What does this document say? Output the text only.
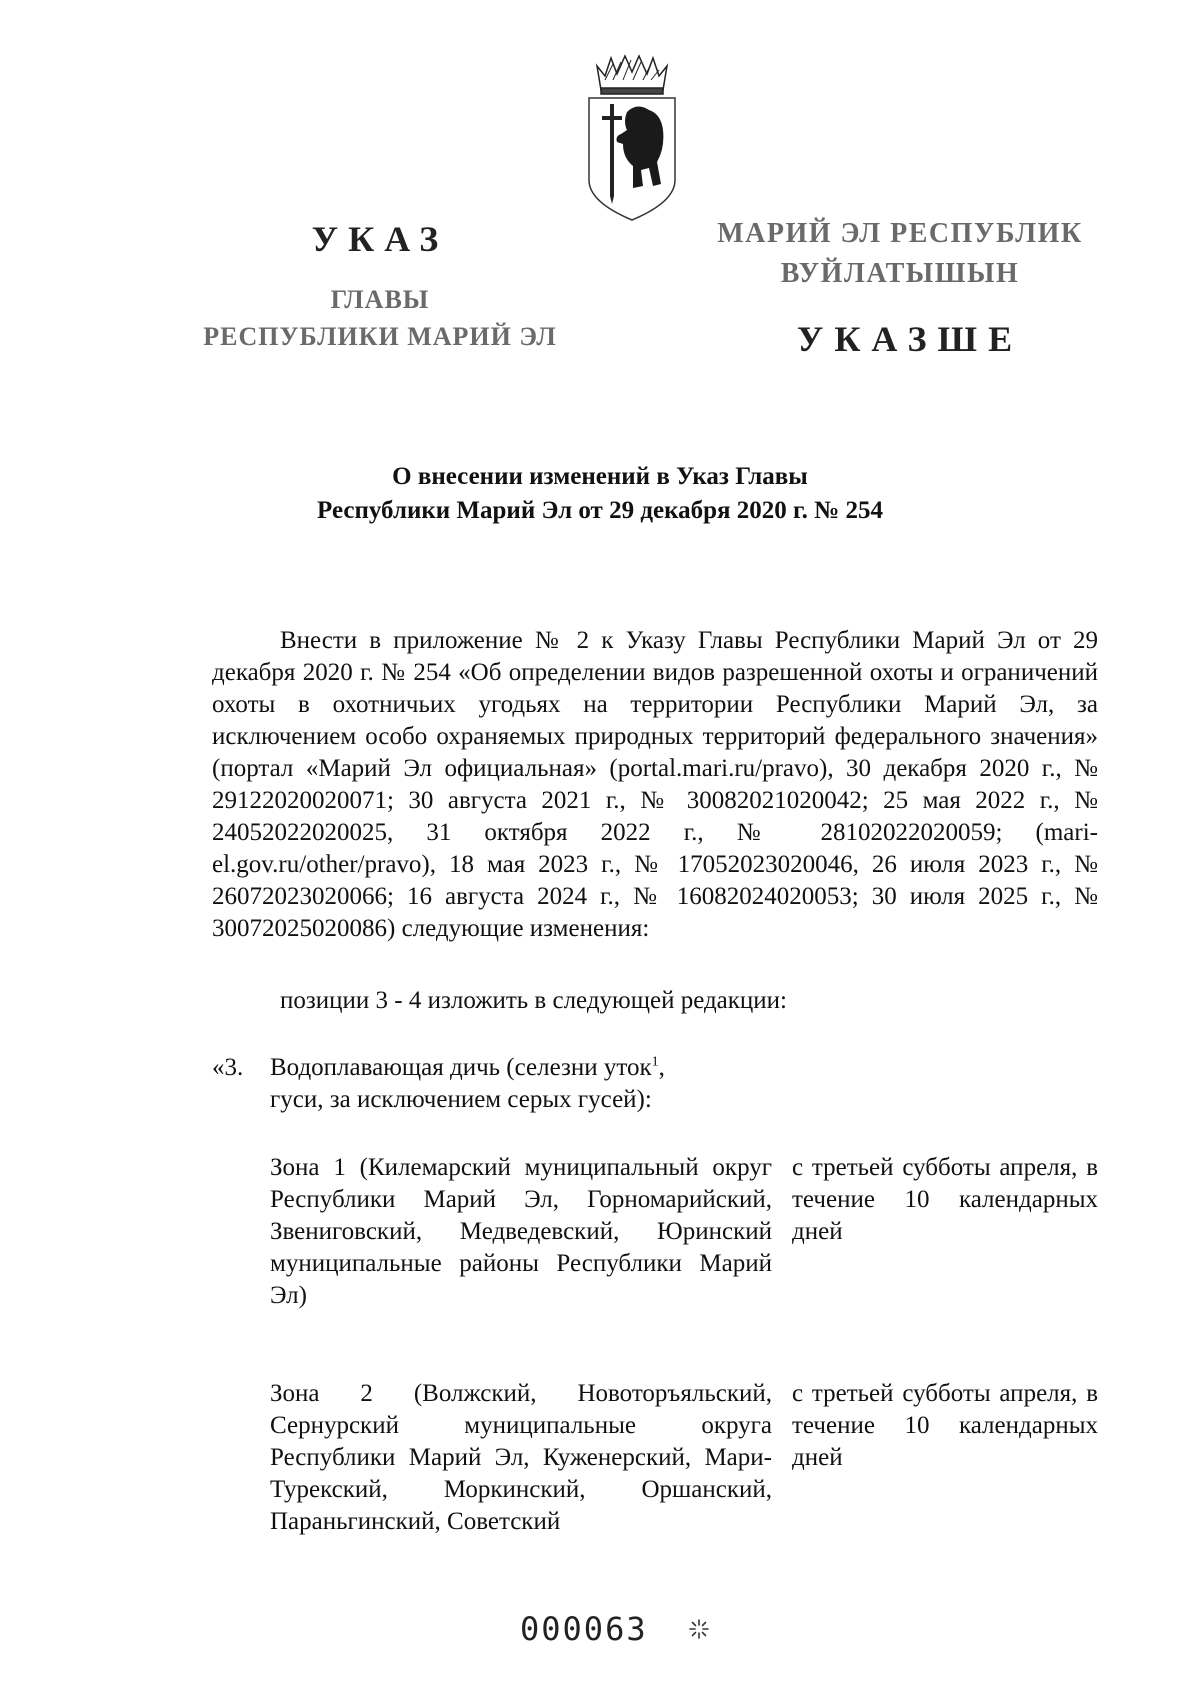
УКАЗ
ГЛАВЫ
РЕСПУБЛИКИ МАРИЙ ЭЛ
МАРИЙ ЭЛ РЕСПУБЛИК
ВУЙЛАТЫШЫН
УКАЗШЕ
О внесении изменений в Указ Главы
Республики Марий Эл от 29 декабря 2020 г. № 254
Внести в приложение № 2 к Указу Главы Республики Марий Эл от 29 декабря 2020 г. № 254 «Об определении видов разрешенной охоты и ограничений охоты в охотничьих угодьях на территории Республики Марий Эл, за исключением особо охраняемых природных территорий федерального значения» (портал «Марий Эл официальная» (portal.mari.ru/pravo), 30 декабря 2020 г., № 29122020020071; 30 августа 2021 г., № 30082021020042; 25 мая 2022 г., № 24052022020025, 31 октября 2022 г., № 28102022020059; (mari-el.gov.ru/other/pravo), 18 мая 2023 г., № 17052023020046, 26 июля 2023 г., № 26072023020066; 16 августа 2024 г., № 16082024020053; 30 июля 2025 г., № 30072025020086) следующие изменения:
позиции 3 - 4 изложить в следующей редакции:
«3. Водоплавающая дичь (селезни уток$^1$,
гуси, за исключением серых гусей):
Зона 1 (Килемарский муниципальный округ Республики Марий Эл, Горномарийский, Звениговский, Медведевский, Юринский муниципальные районы Республики Марий Эл)
с третьей субботы апреля, в течение 10 календарных дней
Зона 2 (Волжский, Новоторъяльский, Сернурский муниципальные округа Республики Марий Эл, Куженерский, Мари-Турекский, Моркинский, Оршанский, Параньгинский, Советский
с третьей субботы апреля, в течение 10 календарных дней
000063
